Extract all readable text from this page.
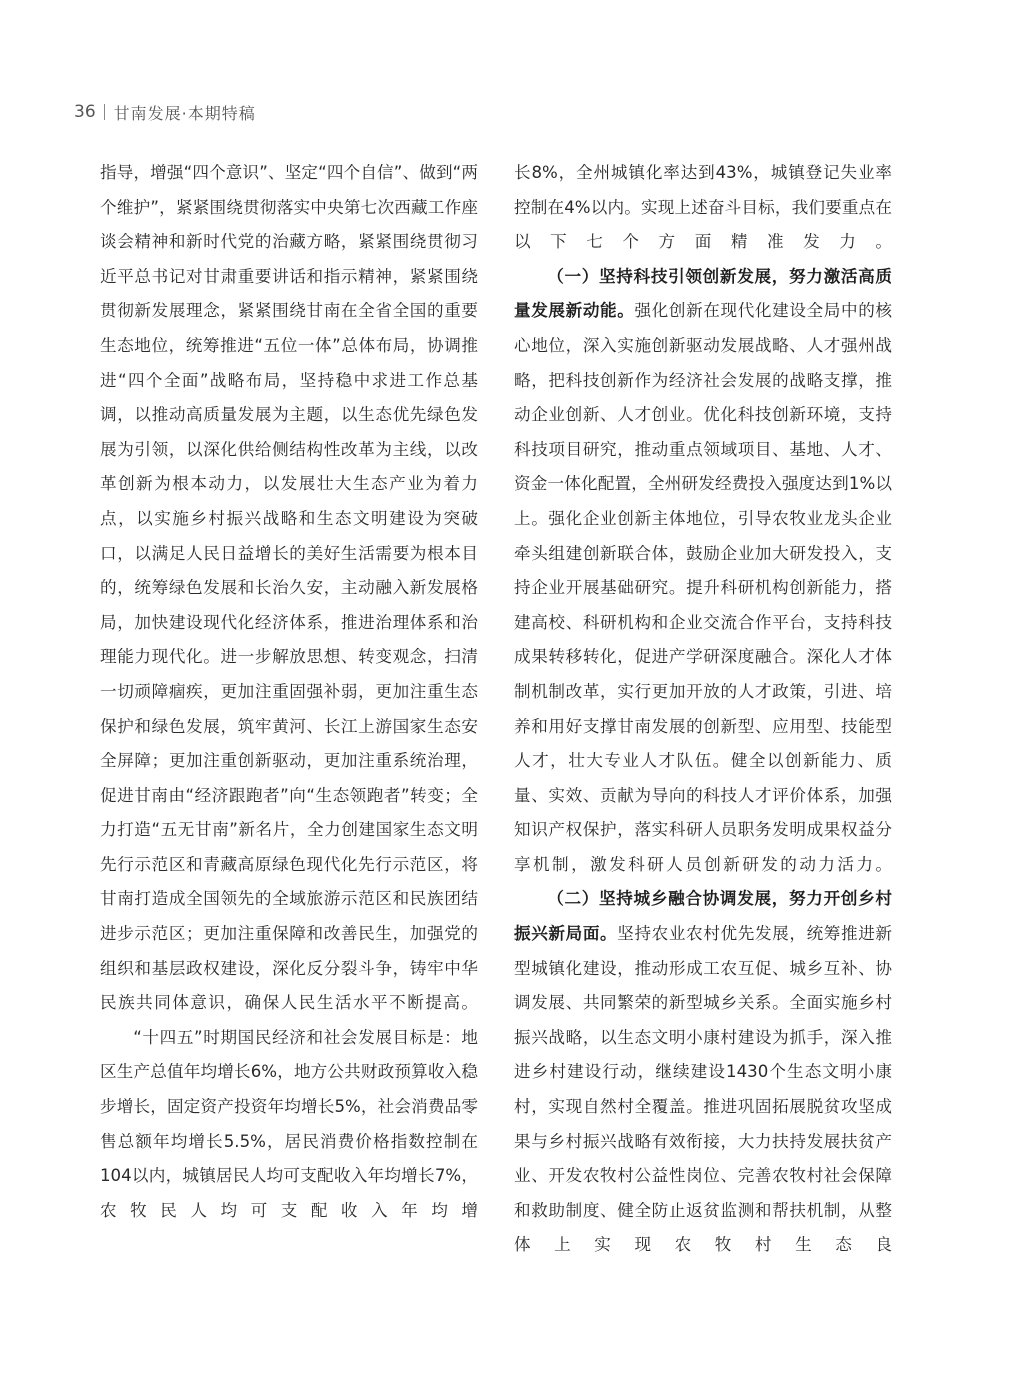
36 甘南发展·本期特稿

指导，增强“四个意识”、坚定“四个自信”、做到“两个维护”，紧紧围绕贯彻落实中央第七次西藏工作座谈会精神和新时代党的治藏方略，紧紧围绕贯彻习近平总书记对甘肃重要讲话和指示精神，紧紧围绕贯彻新发展理念，紧紧围绕甘南在全省全国的重要生态地位，统筹推进“五位一体”总体布局，协调推进“四个全面”战略布局，坚持稳中求进工作总基调，以推动高质量发展为主题，以生态优先绿色发展为引领，以深化供给侧结构性改革为主线，以改革创新为根本动力，以发展壮大生态产业为着力点，以实施乡村振兴战略和生态文明建设为突破口，以满足人民日益增长的美好生活需要为根本目的，统筹绿色发展和长治久安，主动融入新发展格局，加快建设现代化经济体系，推进治理体系和治理能力现代化。进一步解放思想、转变观念，扫清一切顽障痼疾，更加注重固强补弱，更加注重生态保护和绿色发展，筑牢黄河、长江上游国家生态安全屏障；更加注重创新驱动，更加注重系统治理，促进甘南由“经济跟跑者”向“生态领跑者”转变；全力打造“五无甘南”新名片，全力创建国家生态文明先行示范区和青藏高原绿色现代化先行示范区，将甘南打造成全国领先的全域旅游示范区和民族团结进步示范区；更加注重保障和改善民生，加强党的组织和基层政权建设，深化反分裂斗争，铸牢中华民族共同体意识，确保人民生活水平不断提高。

“十四五”时期国民经济和社会发展目标是：地区生产总值年均增长6%，地方公共财政预算收入稳步增长，固定资产投资年均增长5%，社会消费品零售总额年均增长5.5%，居民消费价格指数控制在104以内，城镇居民人均可支配收入年均增长7%，农牧民人均可支配收入年均增

长8%，全州城镇化率达到43%，城镇登记失业率控制在4%以内。实现上述奋斗目标，我们要重点在以下七个方面精准发力。

（一）坚持科技引领创新发展，努力激活高质量发展新动能。强化创新在现代化建设全局中的核心地位，深入实施创新驱动发展战略、人才强州战略，把科技创新作为经济社会发展的战略支撑，推动企业创新、人才创业。优化科技创新环境，支持科技项目研究，推动重点领域项目、基地、人才、资金一体化配置，全州研发经费投入强度达到1%以上。强化企业创新主体地位，引导农牧业龙头企业牵头组建创新联合体，鼓励企业加大研发投入，支持企业开展基础研究。提升科研机构创新能力，搭建高校、科研机构和企业交流合作平台，支持科技成果转移转化，促进产学研深度融合。深化人才体制机制改革，实行更加开放的人才政策，引进、培养和用好支撑甘南发展的创新型、应用型、技能型人才，壮大专业人才队伍。健全以创新能力、质量、实效、贡献为导向的科技人才评价体系，加强知识产权保护，落实科研人员职务发明成果权益分享机制，激发科研人员创新研发的动力活力。

（二）坚持城乡融合协调发展，努力开创乡村振兴新局面。坚持农业农村优先发展，统筹推进新型城镇化建设，推动形成工农互促、城乡互补、协调发展、共同繁荣的新型城乡关系。全面实施乡村振兴战略，以生态文明小康村建设为抓手，深入推进乡村建设行动，继续建设1430个生态文明小康村，实现自然村全覆盖。推进巩固拓展脱贫攻坚成果与乡村振兴战略有效衔接，大力扶持发展扶贫产业、开发农牧村公益性岗位、完善农牧村社会保障和救助制度、健全防止返贫监测和帮扶机制，从整体上实现农牧村生态良
